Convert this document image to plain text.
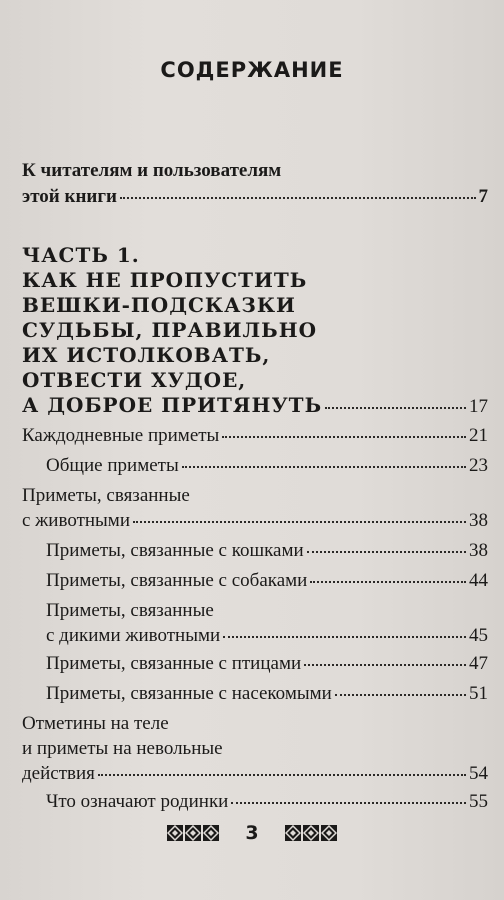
СОДЕРЖАНИЕ
К читателям и пользователям
этой книги	7
ЧАСТЬ 1.
КАК НЕ ПРОПУСТИТЬ
ВЕШКИ-ПОДСКАЗКИ
СУДЬБЫ, ПРАВИЛЬНО
ИХ ИСТОЛКОВАТЬ,
ОТВЕСТИ ХУДОЕ,
А ДОБРОЕ ПРИТЯНУТЬ	17
Каждодневные приметы	21
Общие приметы	23
Приметы, связанные
с животными	38
Приметы, связанные с кошками	38
Приметы, связанные с собаками	44
Приметы, связанные
с дикими животными	45
Приметы, связанные с птицами	47
Приметы, связанные с насекомыми	51
Отметины на теле
и приметы на невольные
действия	54
Что означают родинки	55
3
